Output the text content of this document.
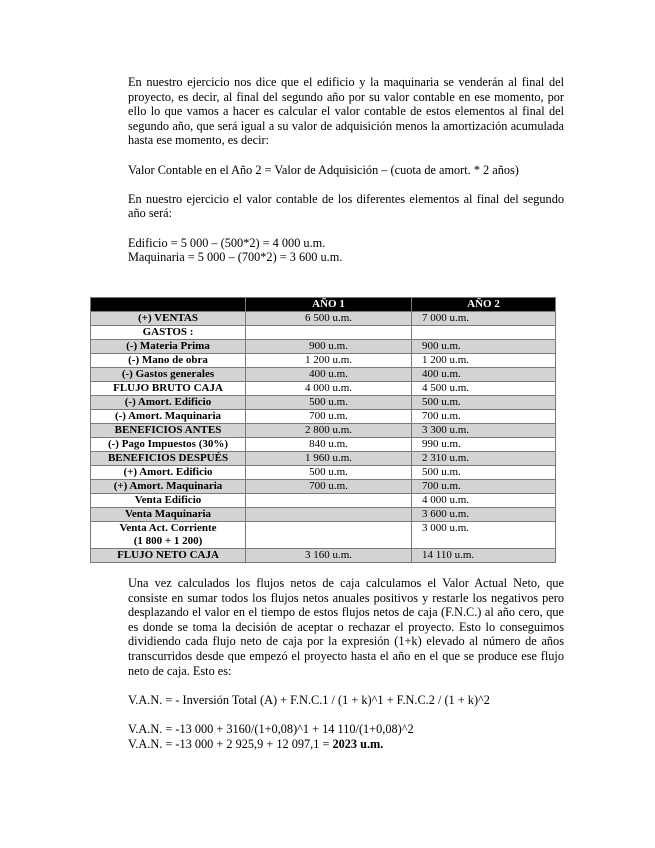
En nuestro ejercicio nos dice que el edificio y la maquinaria se venderán al final del proyecto, es decir, al final del segundo año por su valor contable en ese momento, por ello lo que vamos a hacer es calcular el valor contable de estos elementos al final del segundo año, que será igual a su valor de adquisición menos la amortización acumulada hasta ese momento, es decir:

Valor Contable en el Año 2 = Valor de Adquisición – (cuota de amort. * 2 años)

En nuestro ejercicio el valor contable de los diferentes elementos al final del segundo año será:

Edificio = 5 000 – (500*2) = 4 000 u.m.

Maquinaria = 5 000 – (700*2) = 3 600 u.m.

	AÑO 1	AÑO 2
(+) VENTAS	6 500 u.m.	7 000 u.m.
GASTOS :		
(-) Materia Prima	900 u.m.	900 u.m.
(-) Mano de obra	1 200 u.m.	1 200 u.m.
(-) Gastos generales	400 u.m.	400 u.m.
FLUJO BRUTO CAJA	4 000 u.m.	4 500 u.m.
(-) Amort. Edificio	500 u.m.	500 u.m.
(-) Amort. Maquinaria	700 u.m.	700 u.m.
BENEFICIOS ANTES	2 800 u.m.	3 300 u.m.
(-) Pago Impuestos (30%)	840 u.m.	990 u.m.
BENEFICIOS DESPUÉS	1 960 u.m.	2 310 u.m.
(+) Amort. Edificio	500 u.m.	500 u.m.
(+) Amort. Maquinaria	700 u.m.	700 u.m.
Venta Edificio		4 000 u.m.
Venta Maquinaria		3 600 u.m.

Venta Act. Corriente
(1 800 + 1 200)		3 000 u.m.
FLUJO NETO CAJA	3 160 u.m.	14 110 u.m.

Una vez calculados los flujos netos de caja calculamos el Valor Actual Neto, que consiste en sumar todos los flujos netos anuales positivos y restarle los negativos pero desplazando el valor en el tiempo de estos flujos netos de caja (F.N.C.) al año cero, que es donde se toma la decisión de aceptar o rechazar el proyecto. Esto lo conseguimos dividiendo cada flujo neto de caja por la expresión (1+k) elevado al número de años transcurridos desde que empezó el proyecto hasta el año en el que se produce ese flujo neto de caja. Esto es:

V.A.N. = - Inversión Total (A) + F.N.C.1 / (1 + k)^1 + F.N.C.2 / (1 + k)^2

V.A.N. = -13 000 + 3160/(1+0,08)^1 + 14 110/(1+0,08)^2

V.A.N. = -13 000 + 2 925,9 + 12 097,1 = 2023 u.m.
